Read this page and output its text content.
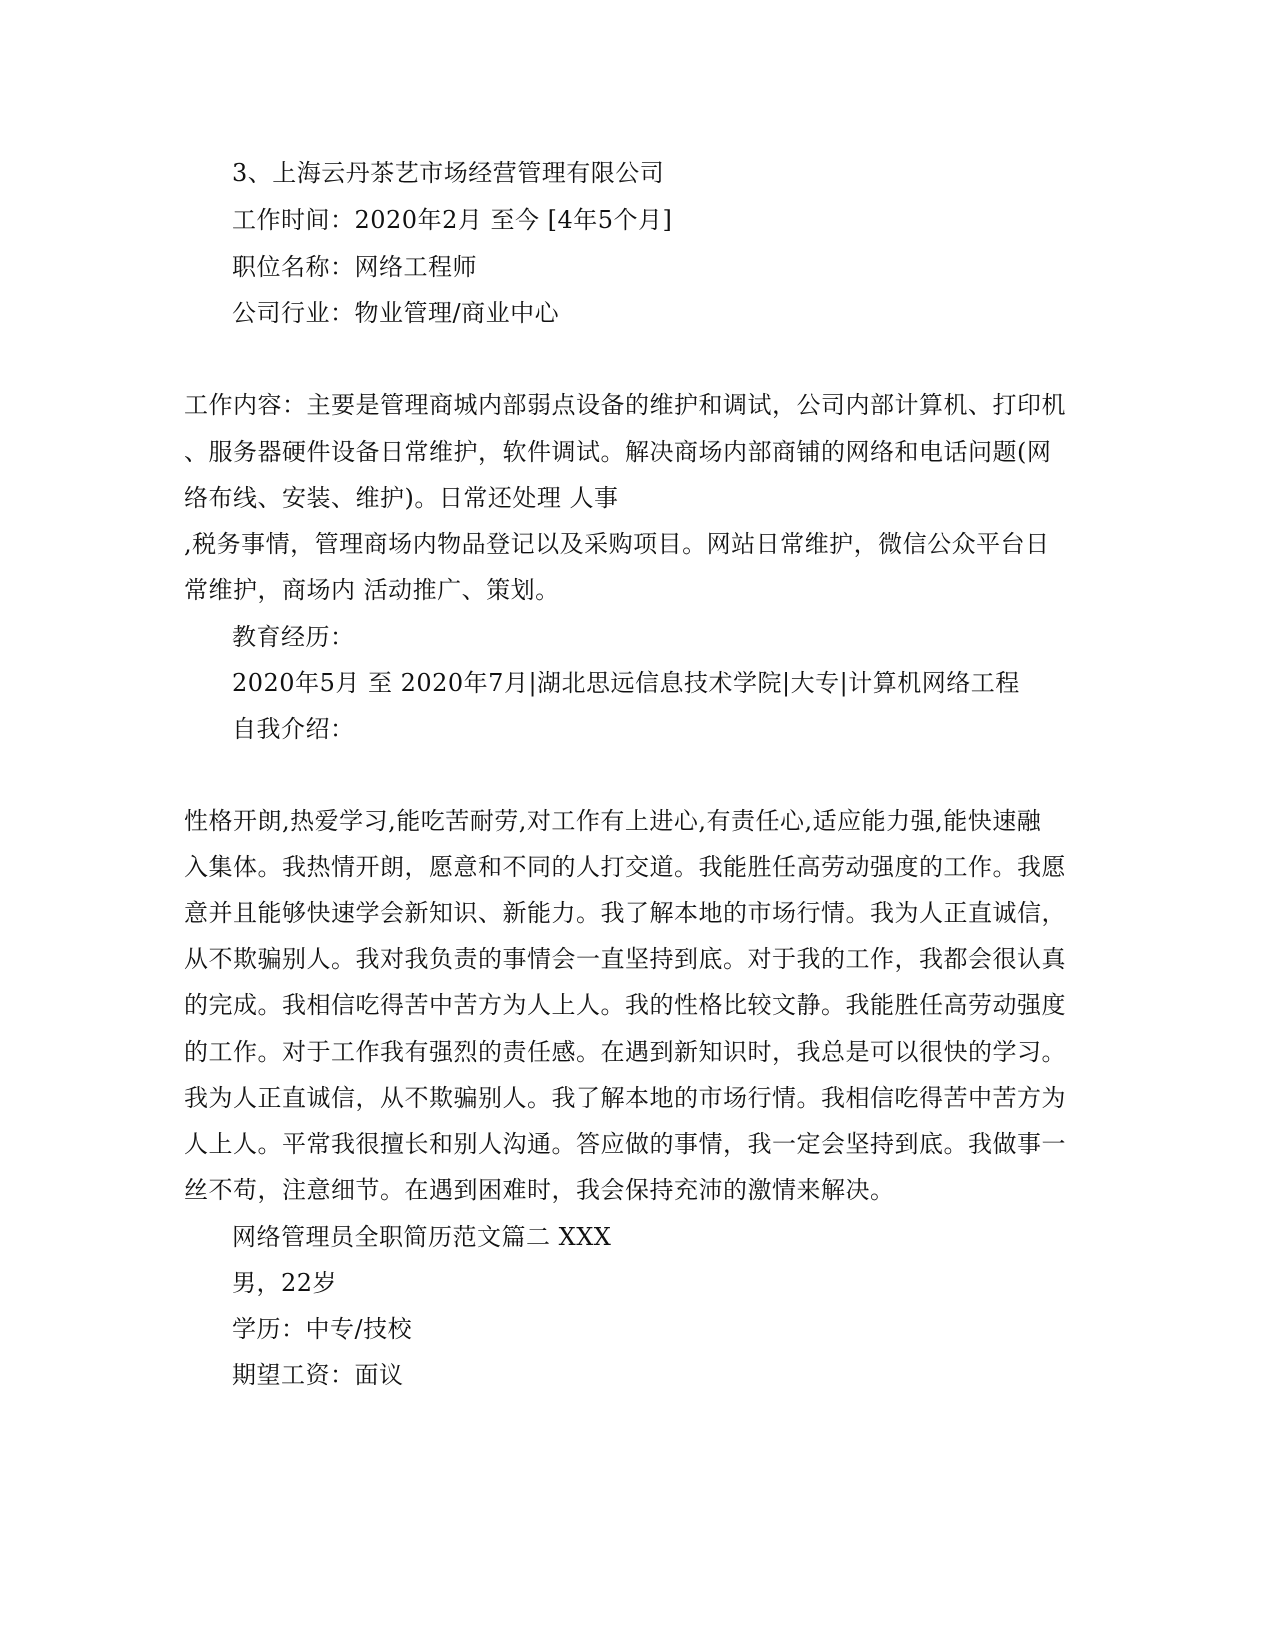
3、上海云丹茶艺市场经营管理有限公司
工作时间：2020年2月 至今 [4年5个月]
职位名称：网络工程师
公司行业：物业管理/商业中心
工作内容：主要是管理商城内部弱点设备的维护和调试，公司内部计算机、打印机
、服务器硬件设备日常维护，软件调试。解决商场内部商铺的网络和电话问题(网
络布线、安装、维护)。日常还处理 人事
,税务事情，管理商场内物品登记以及采购项目。网站日常维护，微信公众平台日
常维护，商场内 活动推广、策划。
教育经历：
2020年5月 至 2020年7月|湖北思远信息技术学院|大专|计算机网络工程
自我介绍：
性格开朗,热爱学习,能吃苦耐劳,对工作有上进心,有责任心,适应能力强,能快速融
入集体。我热情开朗，愿意和不同的人打交道。我能胜任高劳动强度的工作。我愿
意并且能够快速学会新知识、新能力。我了解本地的市场行情。我为人正直诚信，
从不欺骗别人。我对我负责的事情会一直坚持到底。对于我的工作，我都会很认真
的完成。我相信吃得苦中苦方为人上人。我的性格比较文静。我能胜任高劳动强度
的工作。对于工作我有强烈的责任感。在遇到新知识时，我总是可以很快的学习。
我为人正直诚信，从不欺骗别人。我了解本地的市场行情。我相信吃得苦中苦方为
人上人。平常我很擅长和别人沟通。答应做的事情，我一定会坚持到底。我做事一
丝不苟，注意细节。在遇到困难时，我会保持充沛的激情来解决。
网络管理员全职简历范文篇二 XXX
男，22岁
学历：中专/技校
期望工资：面议
